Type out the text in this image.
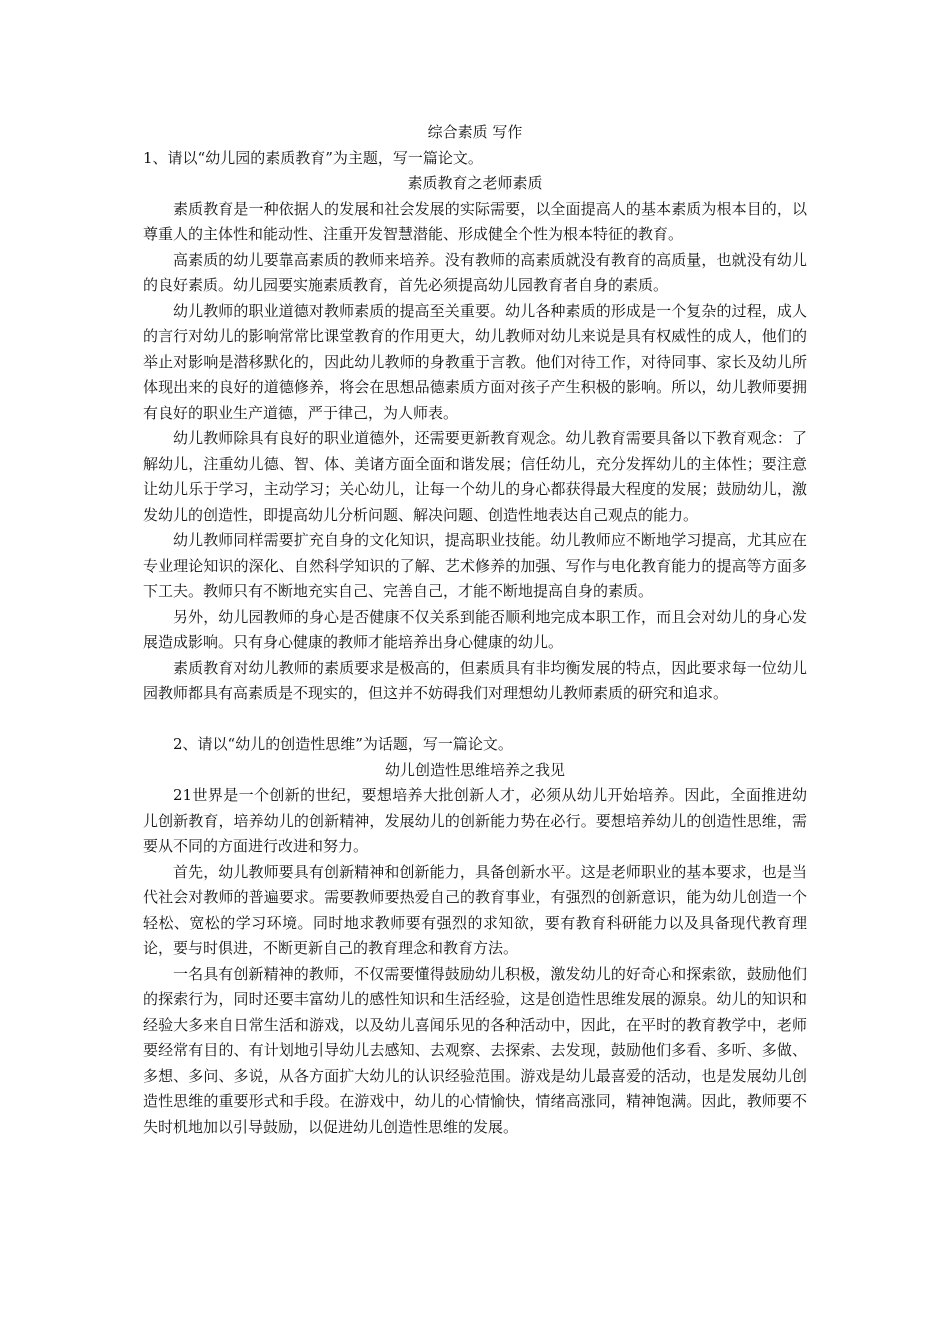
综合素质 写作

1、请以“幼儿园的素质教育”为主题，写一篇论文。

素质教育之老师素质

素质教育是一种依据人的发展和社会发展的实际需要，以全面提高人的基本素质为根本目的，以尊重人的主体性和能动性、注重开发智慧潜能、形成健全个性为根本特征的教育。

高素质的幼儿要靠高素质的教师来培养。没有教师的高素质就没有教育的高质量，也就没有幼儿的良好素质。幼儿园要实施素质教育，首先必须提高幼儿园教育者自身的素质。

幼儿教师的职业道德对教师素质的提高至关重要。幼儿各种素质的形成是一个复杂的过程，成人的言行对幼儿的影响常常比课堂教育的作用更大，幼儿教师对幼儿来说是具有权威性的成人，他们的举止对影响是潜移默化的，因此幼儿教师的身教重于言教。他们对待工作，对待同事、家长及幼儿所体现出来的良好的道德修养，将会在思想品德素质方面对孩子产生积极的影响。所以，幼儿教师要拥有良好的职业生产道德，严于律己，为人师表。

幼儿教师除具有良好的职业道德外，还需要更新教育观念。幼儿教育需要具备以下教育观念：了解幼儿，注重幼儿德、智、体、美诸方面全面和谐发展；信任幼儿，充分发挥幼儿的主体性；要注意让幼儿乐于学习，主动学习；关心幼儿，让每一个幼儿的身心都获得最大程度的发展；鼓励幼儿，激发幼儿的创造性，即提高幼儿分析问题、解决问题、创造性地表达自己观点的能力。

幼儿教师同样需要扩充自身的文化知识，提高职业技能。幼儿教师应不断地学习提高，尤其应在专业理论知识的深化、自然科学知识的了解、艺术修养的加强、写作与电化教育能力的提高等方面多下工夫。教师只有不断地充实自己、完善自己，才能不断地提高自身的素质。

另外，幼儿园教师的身心是否健康不仅关系到能否顺利地完成本职工作，而且会对幼儿的身心发展造成影响。只有身心健康的教师才能培养出身心健康的幼儿。

素质教育对幼儿教师的素质要求是极高的，但素质具有非均衡发展的特点，因此要求每一位幼儿园教师都具有高素质是不现实的，但这并不妨碍我们对理想幼儿教师素质的研究和追求。

2、请以“幼儿的创造性思维”为话题，写一篇论文。

幼儿创造性思维培养之我见

21世界是一个创新的世纪，要想培养大批创新人才，必须从幼儿开始培养。因此，全面推进幼儿创新教育，培养幼儿的创新精神，发展幼儿的创新能力势在必行。要想培养幼儿的创造性思维，需要从不同的方面进行改进和努力。

首先，幼儿教师要具有创新精神和创新能力，具备创新水平。这是老师职业的基本要求，也是当代社会对教师的普遍要求。需要教师要热爱自己的教育事业，有强烈的创新意识，能为幼儿创造一个轻松、宽松的学习环境。同时地求教师要有强烈的求知欲，要有教育科研能力以及具备现代教育理论，要与时俱进，不断更新自己的教育理念和教育方法。

一名具有创新精神的教师，不仅需要懂得鼓励幼儿积极，激发幼儿的好奇心和探索欲，鼓励他们的探索行为，同时还要丰富幼儿的感性知识和生活经验，这是创造性思维发展的源泉。幼儿的知识和经验大多来自日常生活和游戏，以及幼儿喜闻乐见的各种活动中，因此，在平时的教育教学中，老师要经常有目的、有计划地引导幼儿去感知、去观察、去探索、去发现，鼓励他们多看、多听、多做、多想、多问、多说，从各方面扩大幼儿的认识经验范围。游戏是幼儿最喜爱的活动，也是发展幼儿创造性思维的重要形式和手段。在游戏中，幼儿的心情愉快，情绪高涨同，精神饱满。因此，教师要不失时机地加以引导鼓励，以促进幼儿创造性思维的发展。
